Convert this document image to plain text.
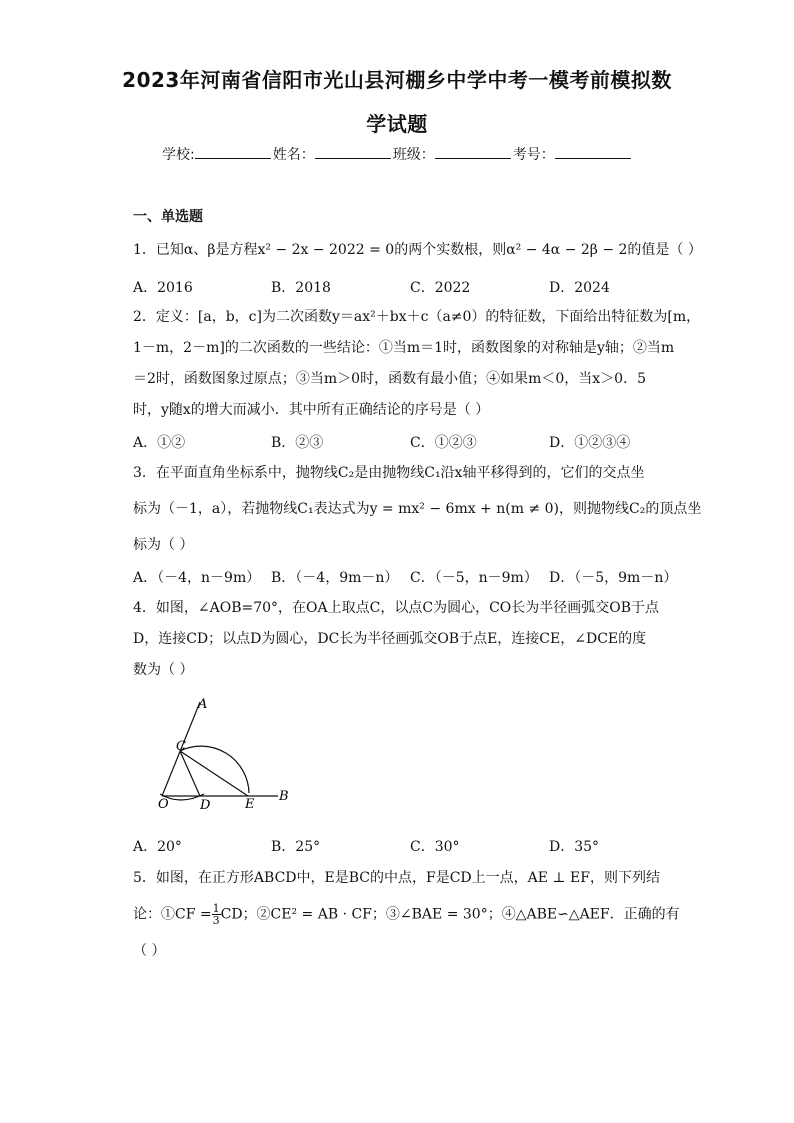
2023年河南省信阳市光山县河棚乡中学中考一模考前模拟数
学试题
学校:	姓名：	班级：	考号：
一、单选题
1．已知α、β是方程x² − 2x − 2022 = 0的两个实数根，则α² − 4α − 2β − 2的值是（ ）
A．2016	B．2018	C．2022	D．2024
2．定义：[a，b，c]为二次函数y＝ax²＋bx＋c（a≠0）的特征数，下面给出特征数为[m，
1－m，2－m]的二次函数的一些结论：①当m＝1时，函数图象的对称轴是y轴；②当m
＝2时，函数图象过原点；③当m＞0时，函数有最小值；④如果m＜0，当x＞0．5
时，y随x的增大而减小．其中所有正确结论的序号是（ ）
A．①②	B．②③	C．①②③	D．①②③④
3．在平面直角坐标系中，抛物线C₂是由抛物线C₁沿x轴平移得到的，它们的交点坐
标为（－1，a），若抛物线C₁表达式为y = mx² − 6mx + n(m ≠ 0)，则抛物线C₂的顶点坐
标为（ ）
A．（－4，n－9m） B．（－4，9m－n） C．（－5，n－9m） D．（－5，9m－n）
4．如图，∠AOB=70°，在OA上取点C，以点C为圆心，CO长为半径画弧交OB于点
D，连接CD；以点D为圆心，DC长为半径画弧交OB于点E，连接CE，∠DCE的度
数为（ ）
A
C
O D	E
B
A．20°	B．25°	C．30°	D．35°
5．如图，在正方形ABCD中，E是BC的中点，F是CD上一点，AE ⊥ EF，则下列结
论：①CF = $\frac{1}{3}$ CD；②CE² = AB · CF；③∠BAE = 30°；④△ABE∽△AEF．正确的有
（ ）
